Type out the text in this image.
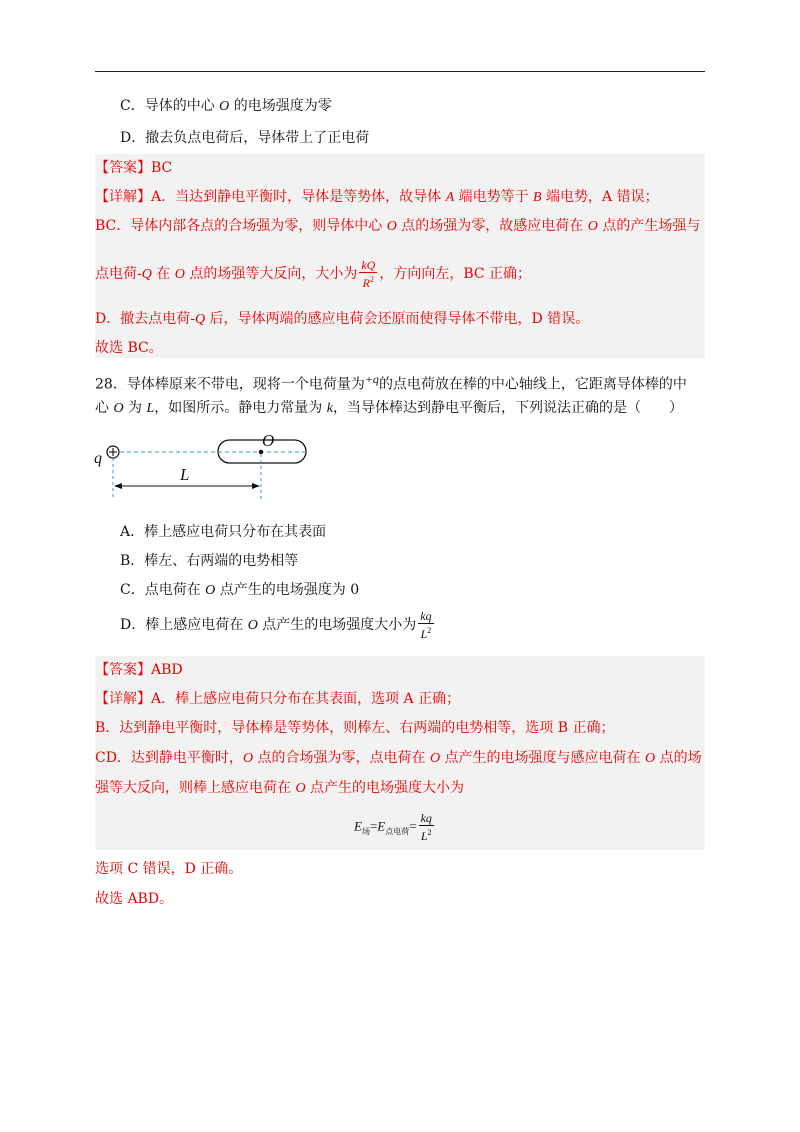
C．导体的中心 O 的电场强度为零
D．撤去负点电荷后，导体带上了正电荷
【答案】BC
【详解】A．当达到静电平衡时，导体是等势体，故导体 A 端电势等于 B 端电势，A 错误；
BC．导体内部各点的合场强为零，则导体中心 O 点的场强为零，故感应电荷在 O 点的产生场强与
点电荷-Q 在 O 点的场强等大反向，大小为 $\frac{kQ}{R^2}$ ，方向向左，BC 正确；
D．撤去点电荷-Q 后，导体两端的感应电荷会还原而使得导体不带电，D 错误。
故选 BC。
28．导体棒原来不带电，现将一个电荷量为$^{+q}$的点电荷放在棒的中心轴线上，它距离导体棒的中
心 O 为 L，如图所示。静电力常量为 k，当导体棒达到静电平衡后，下列说法正确的是（　　）
q
O
L
A．棒上感应电荷只分布在其表面
B．棒左、右两端的电势相等
C．点电荷在 O 点产生的电场强度为 0
D．棒上感应电荷在 O 点产生的电场强度大小为 $\frac{kq}{L^2}$
【答案】ABD
【详解】A．棒上感应电荷只分布在其表面，选项 A 正确；
B．达到静电平衡时，导体棒是等势体，则棒左、右两端的电势相等，选项 B 正确；
CD．达到静电平衡时，O 点的合场强为零，点电荷在 O 点产生的电场强度与感应电荷在 O 点的场
强等大反向，则棒上感应电荷在 O 点产生的电场强度大小为
$E_场=E_{点电荷}= \frac{kq}{L^2}$
选项 C 错误，D 正确。
故选 ABD。
